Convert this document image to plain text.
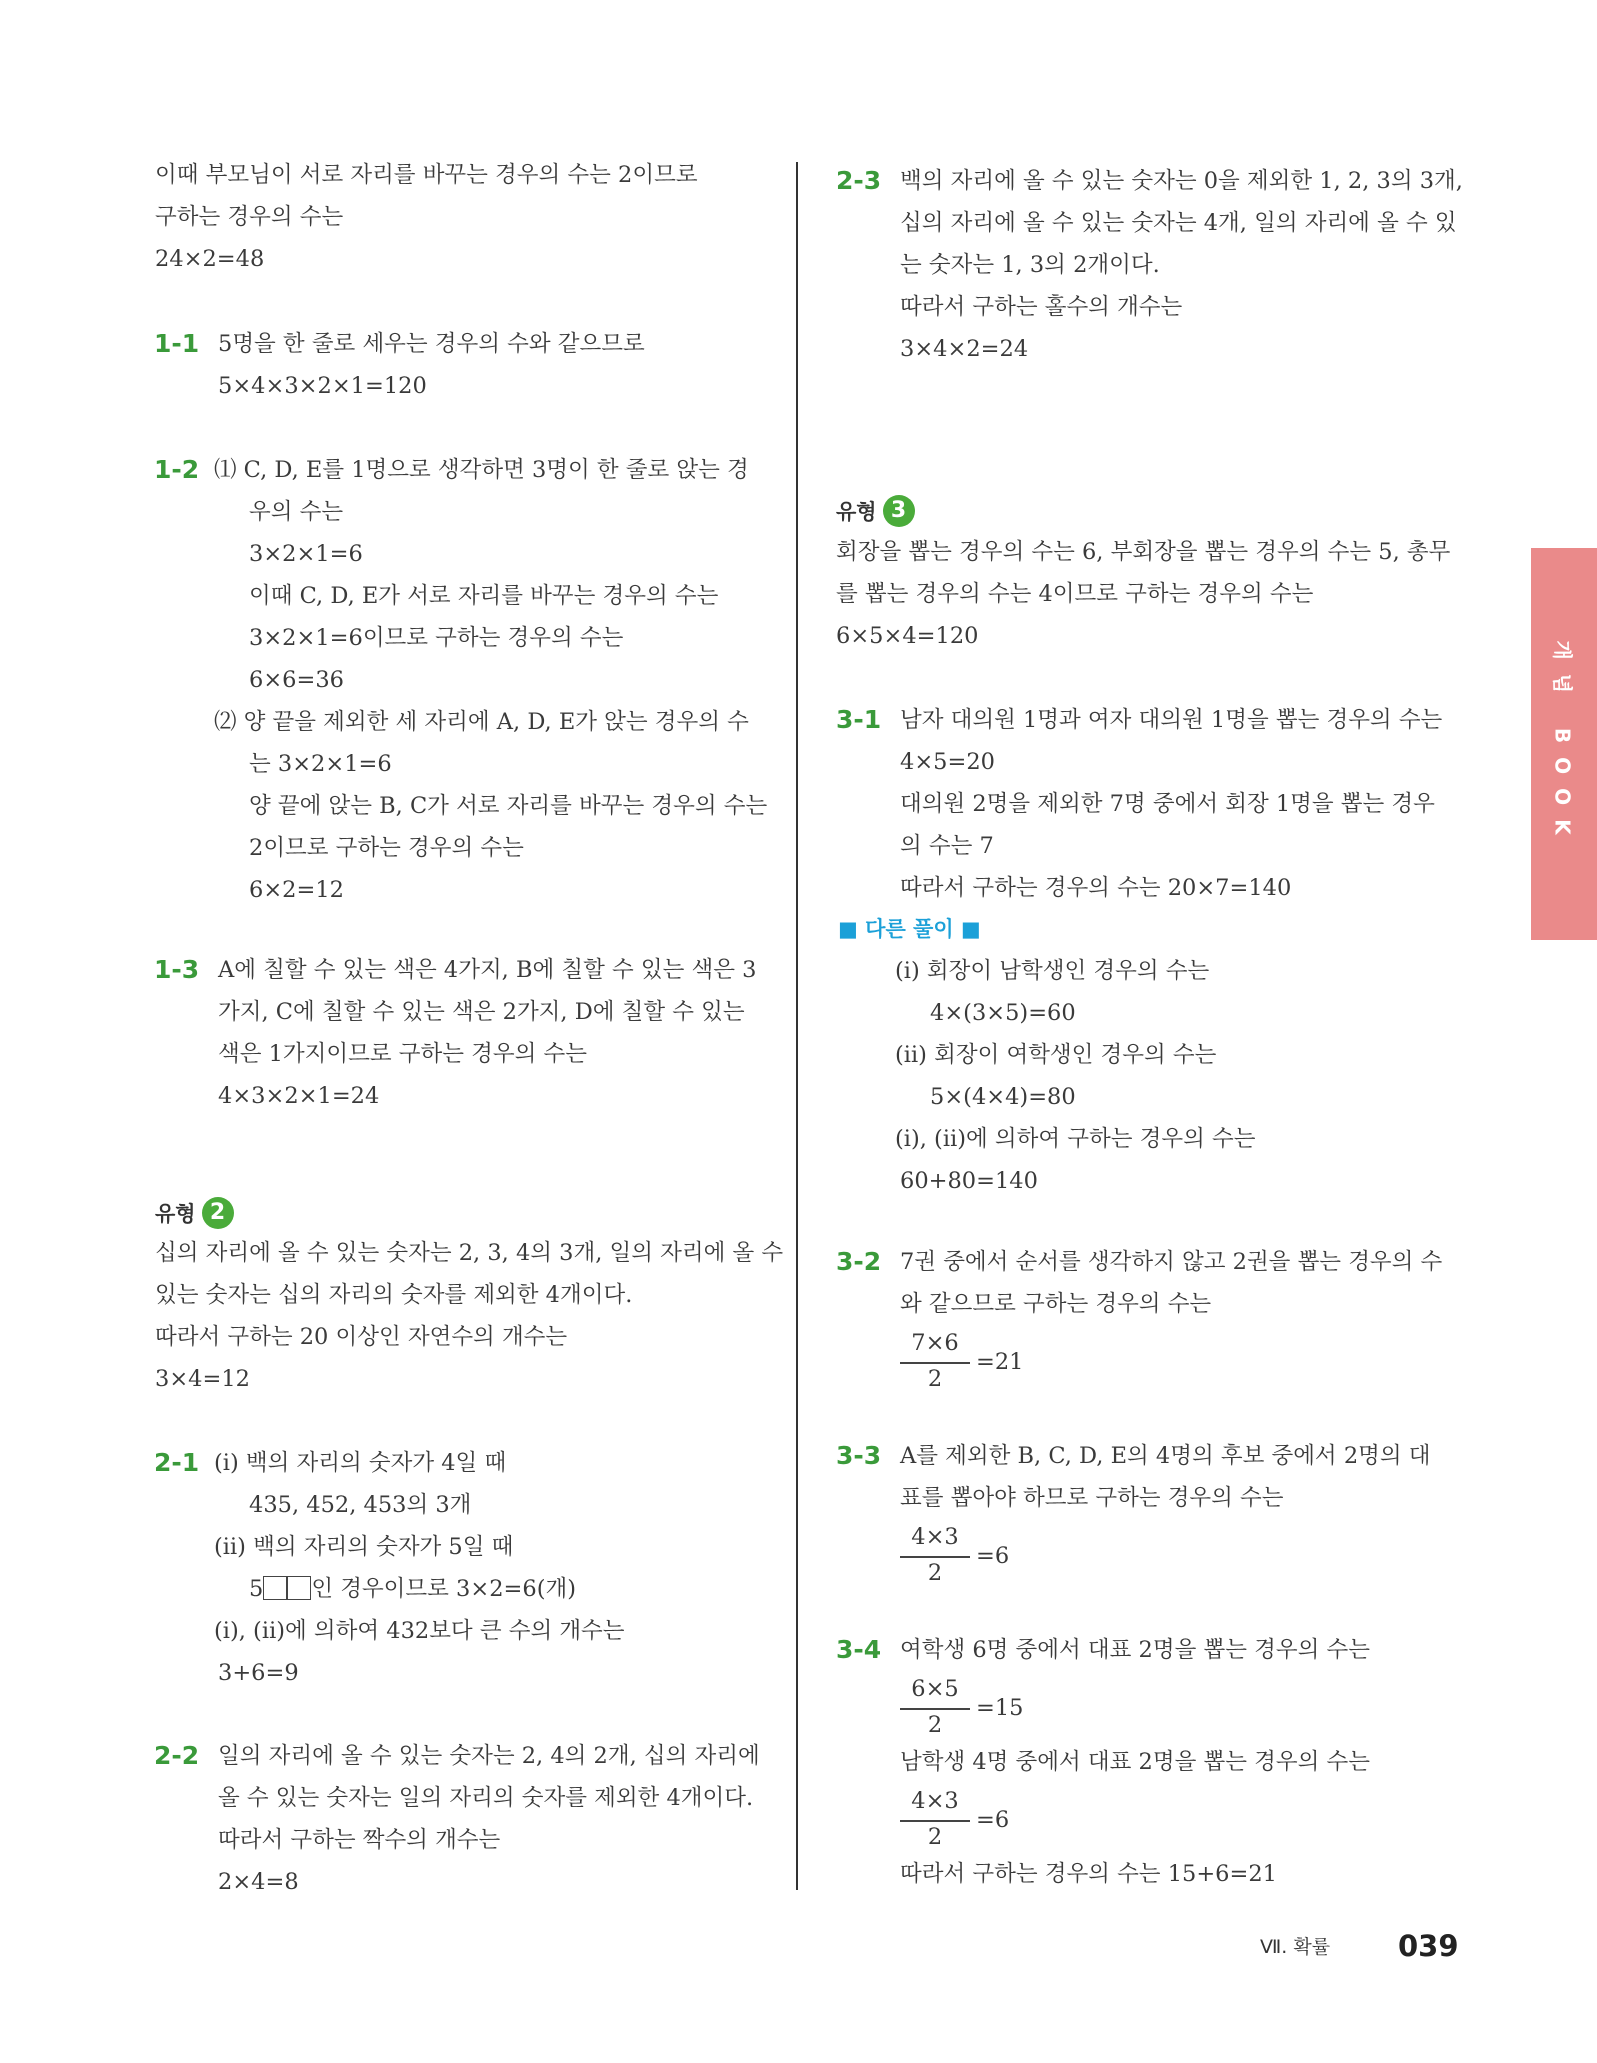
이때 부모님이 서로 자리를 바꾸는 경우의 수는 2이므로
구하는 경우의 수는
24×2=48
1-1 5명을 한 줄로 세우는 경우의 수와 같으므로
5×4×3×2×1=120
1-2 ⑴ C, D, E를 1명으로 생각하면 3명이 한 줄로 앉는 경
우의 수는
3×2×1=6
이때 C, D, E가 서로 자리를 바꾸는 경우의 수는
3×2×1=6이므로 구하는 경우의 수는
6×6=36
⑵ 양 끝을 제외한 세 자리에 A, D, E가 앉는 경우의 수
는 3×2×1=6
양 끝에 앉는 B, C가 서로 자리를 바꾸는 경우의 수는
2이므로 구하는 경우의 수는
6×2=12
1-3 A에 칠할 수 있는 색은 4가지, B에 칠할 수 있는 색은 3
가지, C에 칠할 수 있는 색은 2가지, D에 칠할 수 있는
색은 1가지이므로 구하는 경우의 수는
4×3×2×1=24
유형 2
십의 자리에 올 수 있는 숫자는 2, 3, 4의 3개, 일의 자리에 올 수
있는 숫자는 십의 자리의 숫자를 제외한 4개이다.
따라서 구하는 20 이상인 자연수의 개수는
3×4=12
2-1 (ⅰ) 백의 자리의 숫자가 4일 때
435, 452, 453의 3개
(ⅱ) 백의 자리의 숫자가 5일 때
5 인 경우이므로 3×2=6(개)
(ⅰ), (ⅱ)에 의하여 432보다 큰 수의 개수는
3+6=9
2-2 일의 자리에 올 수 있는 숫자는 2, 4의 2개, 십의 자리에
올 수 있는 숫자는 일의 자리의 숫자를 제외한 4개이다.
따라서 구하는 짝수의 개수는
2×4=8
2-3 백의 자리에 올 수 있는 숫자는 0을 제외한 1, 2, 3의 3개,
십의 자리에 올 수 있는 숫자는 4개, 일의 자리에 올 수 있
는 숫자는 1, 3의 2개이다.
따라서 구하는 홀수의 개수는
3×4×2=24
유형 3
회장을 뽑는 경우의 수는 6, 부회장을 뽑는 경우의 수는 5, 총무
를 뽑는 경우의 수는 4이므로 구하는 경우의 수는
6×5×4=120
3-1 남자 대의원 1명과 여자 대의원 1명을 뽑는 경우의 수는
4×5=20
대의원 2명을 제외한 7명 중에서 회장 1명을 뽑는 경우
의 수는 7
따라서 구하는 경우의 수는 20×7=140
■ 다른 풀이 ■
(ⅰ) 회장이 남학생인 경우의 수는
4×(3×5)=60
(ⅱ) 회장이 여학생인 경우의 수는
5×(4×4)=80
(ⅰ), (ⅱ)에 의하여 구하는 경우의 수는
60+80=140
3-2 7권 중에서 순서를 생각하지 않고 2권을 뽑는 경우의 수
와 같으므로 구하는 경우의 수는
7×6
2
=21
3-3 A를 제외한 B, C, D, E의 4명의 후보 중에서 2명의 대
표를 뽑아야 하므로 구하는 경우의 수는
4×3
2
=6
3-4 여학생 6명 중에서 대표 2명을 뽑는 경우의 수는
6×5
2
=15
남학생 4명 중에서 대표 2명을 뽑는 경우의 수는
4×3
2
=6
따라서 구하는 경우의 수는 15+6=21
개념 BOOK
Ⅶ. 확률 039
